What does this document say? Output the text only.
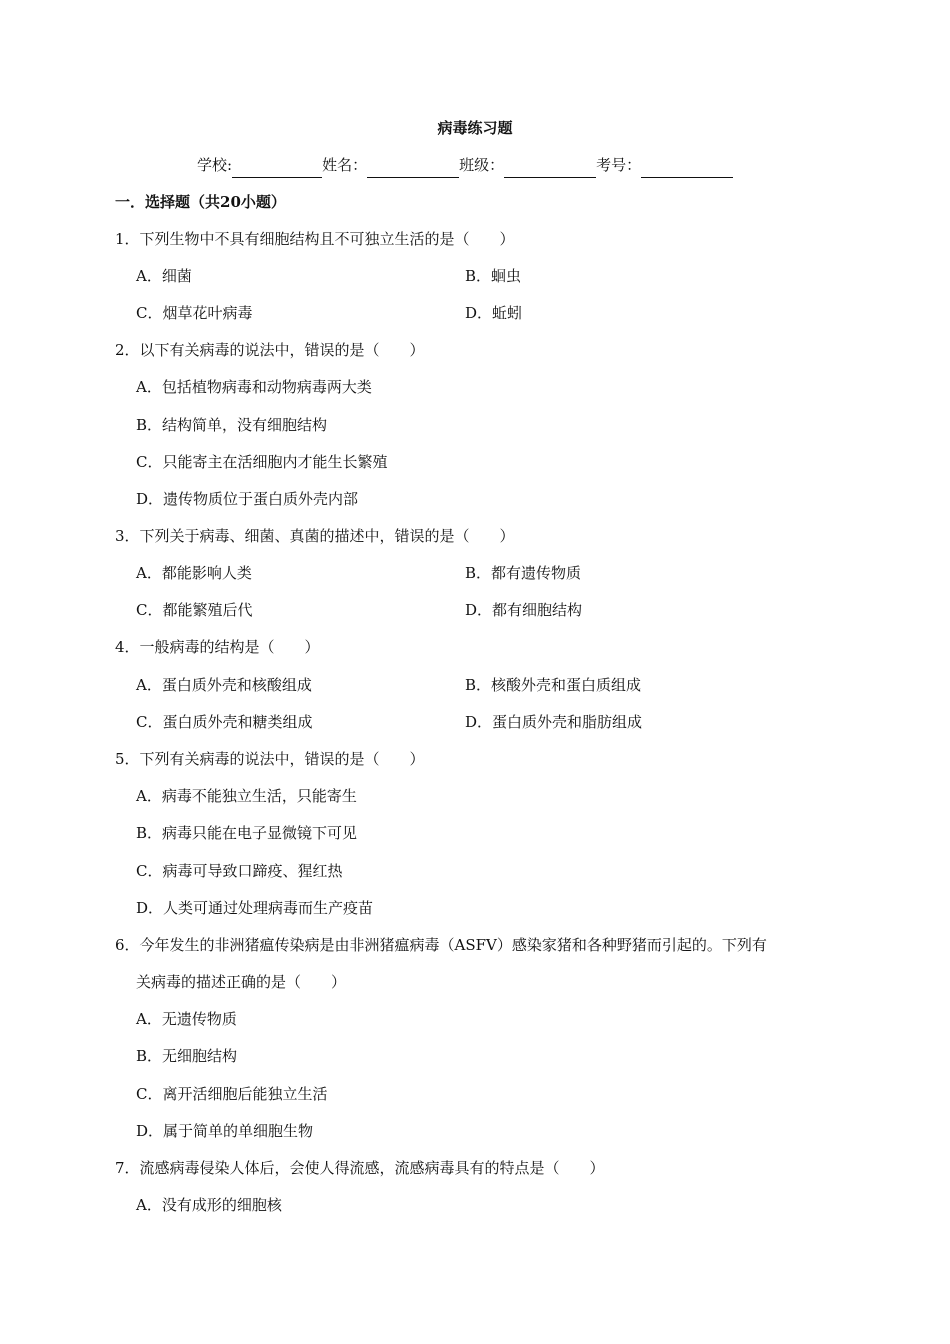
病毒练习题
学校:	姓名：	班级：	考号：
一．选择题（共20小题）
1．下列生物中不具有细胞结构且不可独立生活的是（　　）
A．细菌	B．蛔虫
C．烟草花叶病毒	D．蚯蚓
2．以下有关病毒的说法中，错误的是（　　）
A．包括植物病毒和动物病毒两大类
B．结构简单，没有细胞结构
C．只能寄主在活细胞内才能生长繁殖
D．遗传物质位于蛋白质外壳内部
3．下列关于病毒、细菌、真菌的描述中，错误的是（　　）
A．都能影响人类	B．都有遗传物质
C．都能繁殖后代	D．都有细胞结构
4．一般病毒的结构是（　　）
A．蛋白质外壳和核酸组成	B．核酸外壳和蛋白质组成
C．蛋白质外壳和糖类组成	D．蛋白质外壳和脂肪组成
5．下列有关病毒的说法中，错误的是（　　）
A．病毒不能独立生活，只能寄生
B．病毒只能在电子显微镜下可见
C．病毒可导致口蹄疫、猩红热
D．人类可通过处理病毒而生产疫苗
6．今年发生的非洲猪瘟传染病是由非洲猪瘟病毒（ASFV）感染家猪和各种野猪而引起的。下列有
关病毒的描述正确的是（　　）
A．无遗传物质
B．无细胞结构
C．离开活细胞后能独立生活
D．属于简单的单细胞生物
7．流感病毒侵染人体后，会使人得流感，流感病毒具有的特点是（　　）
A．没有成形的细胞核
